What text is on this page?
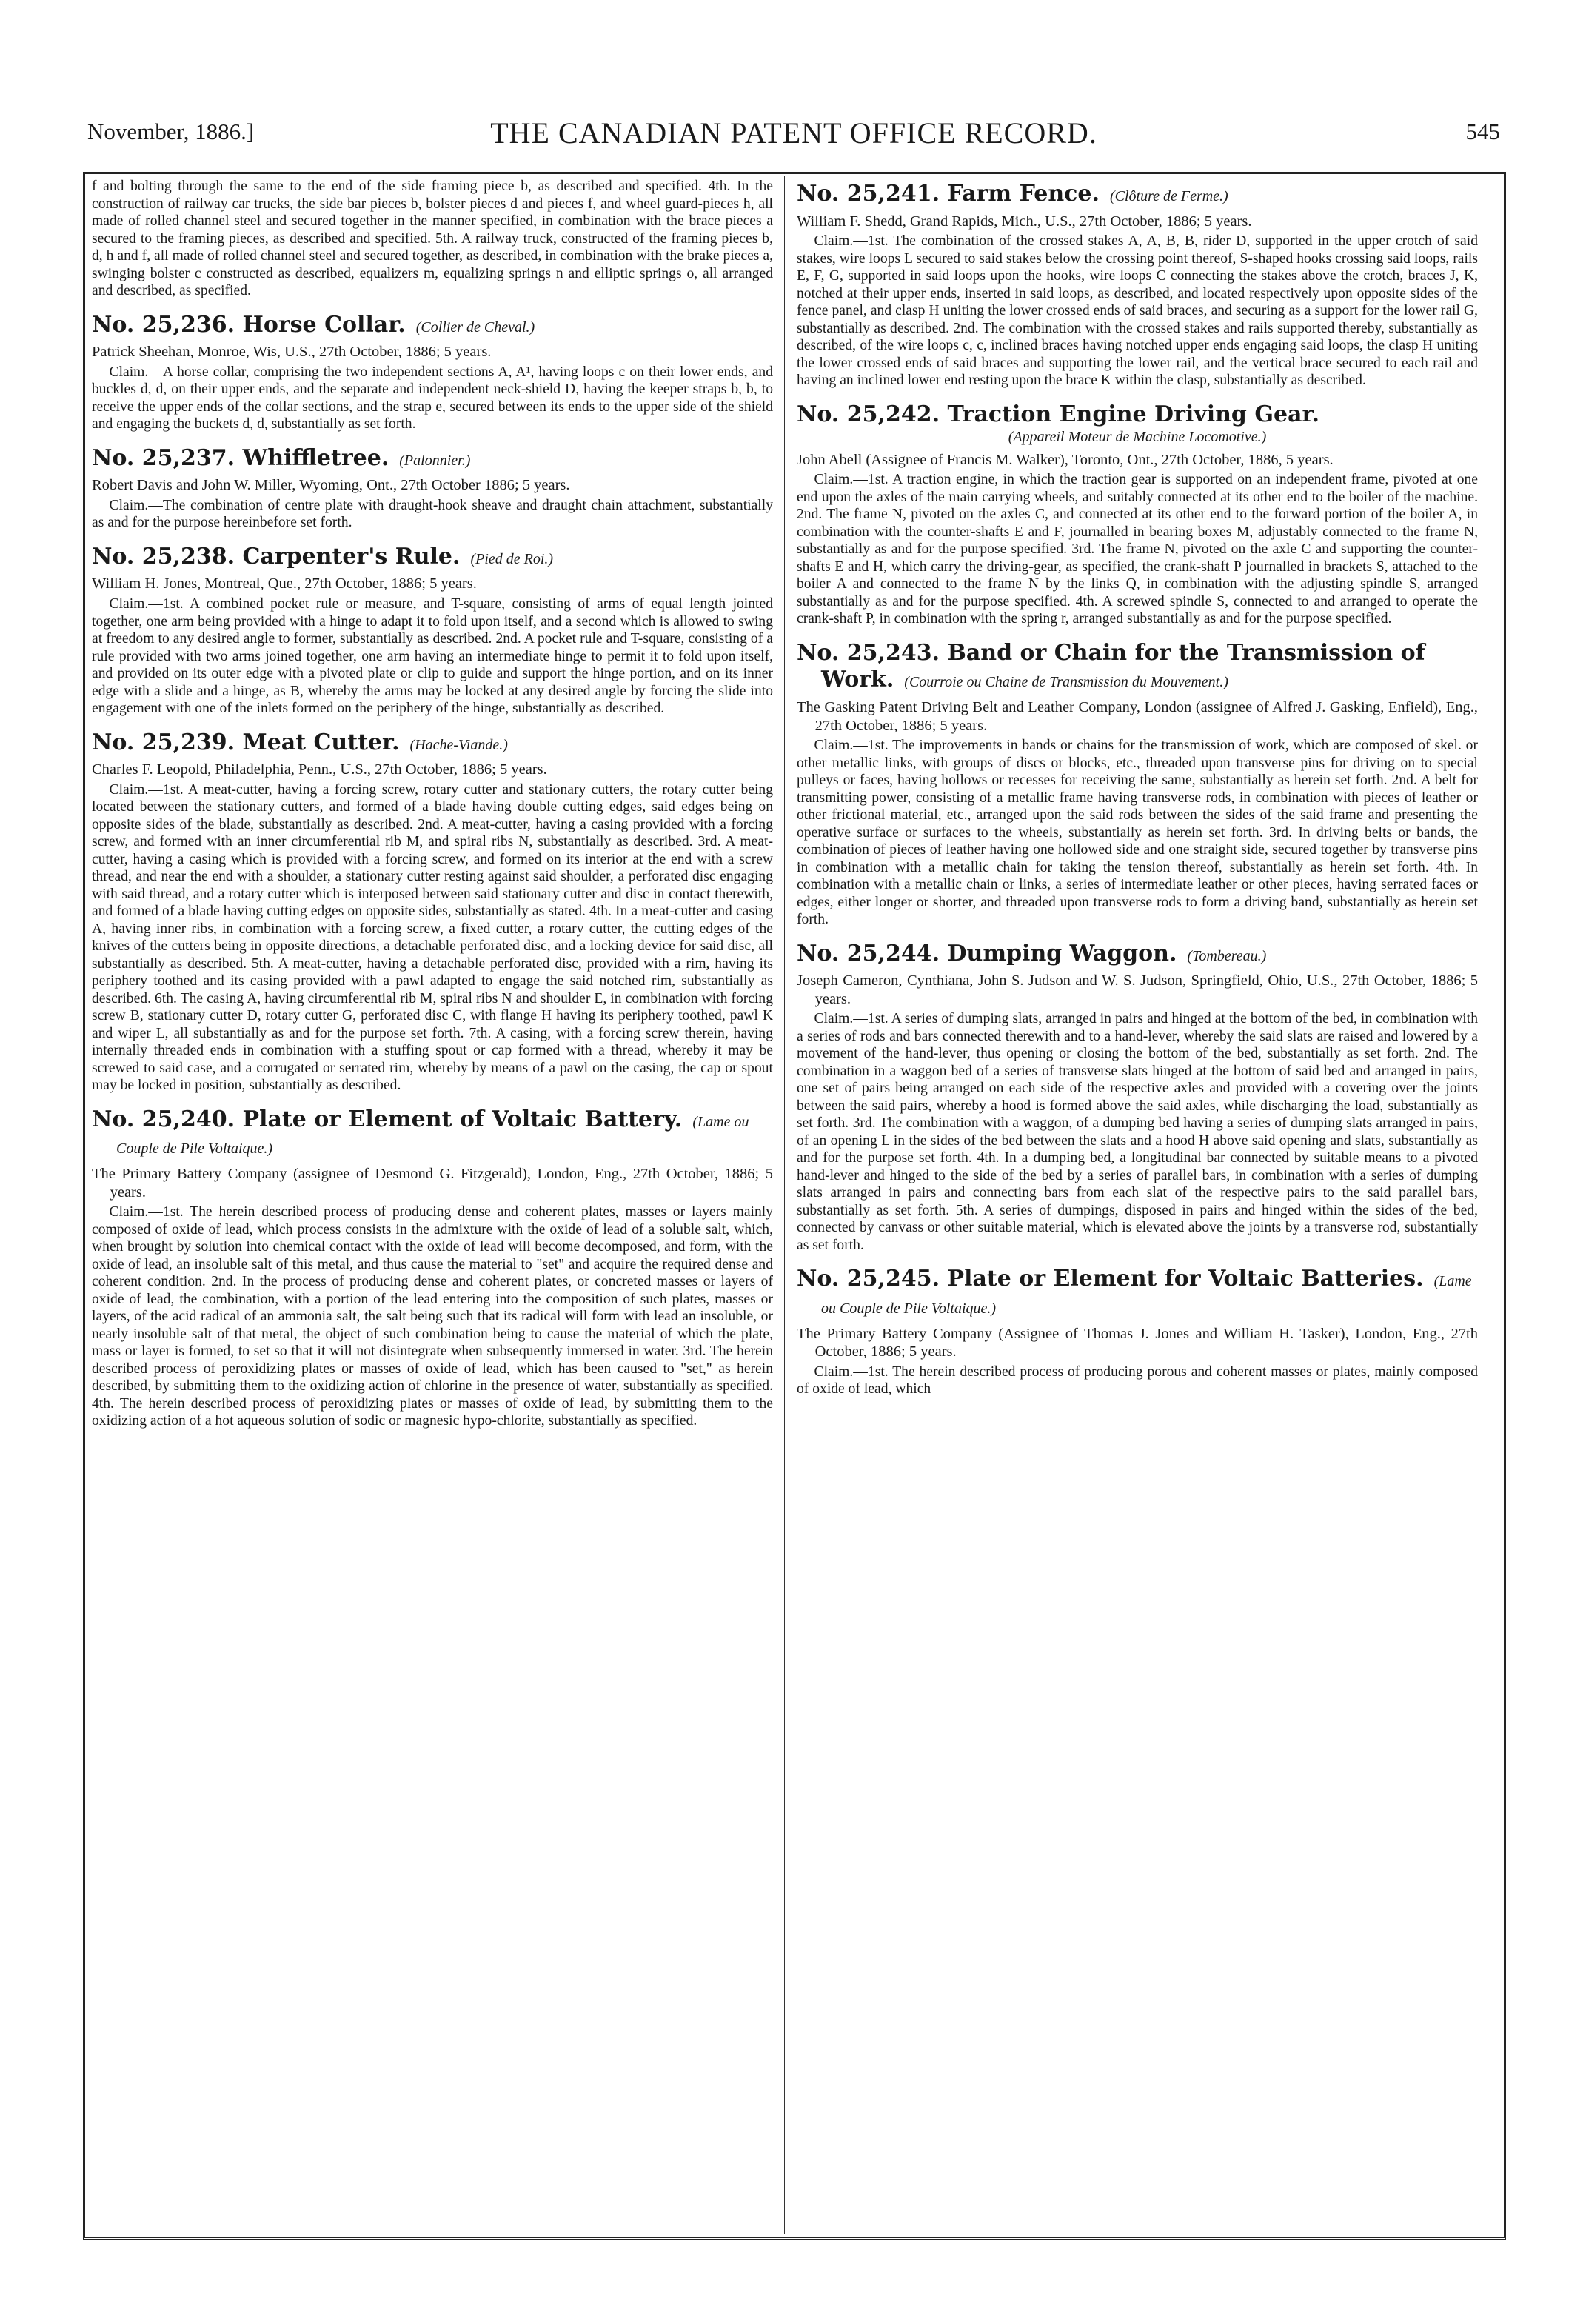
November, 1886.]	THE CANADIAN PATENT OFFICE RECORD.	545

f and bolting through the same to the end of the side framing piece b, as described and specified. 4th. In the construction of railway car trucks, the side bar pieces b, bolster pieces d and pieces f, and wheel guard-pieces h, all made of rolled channel steel and secured together in the manner specified, in combination with the brace pieces a secured to the framing pieces, as described and specified. 5th. A railway truck, constructed of the framing pieces b, d, h and f, all made of rolled channel steel and secured together, as described, in combination with the brake pieces a, swinging bolster c constructed as described, equalizers m, equalizing springs n and elliptic springs o, all arranged and described, as specified.

No. 25,236. Horse Collar. (Collier de Cheval.)

Patrick Sheehan, Monroe, Wis, U.S., 27th October, 1886; 5 years.

Claim.—A horse collar, comprising the two independent sections A, A¹, having loops c on their lower ends, and buckles d, d, on their upper ends, and the separate and independent neck-shield D, having the keeper straps b, b, to receive the upper ends of the collar sections, and the strap e, secured between its ends to the upper side of the shield and engaging the buckets d, d, substantially as set forth.

No. 25,237. Whiffletree. (Palonnier.)

Robert Davis and John W. Miller, Wyoming, Ont., 27th October 1886; 5 years.

Claim.—The combination of centre plate with draught-hook sheave and draught chain attachment, substantially as and for the purpose hereinbefore set forth.

No. 25,238. Carpenter's Rule. (Pied de Roi.)

William H. Jones, Montreal, Que., 27th October, 1886; 5 years.

Claim.—1st. A combined pocket rule or measure, and T-square, consisting of arms of equal length jointed together, one arm being provided with a hinge to adapt it to fold upon itself, and a second which is allowed to swing at freedom to any desired angle to former, substantially as described. 2nd. A pocket rule and T-square, consisting of a rule provided with two arms joined together, one arm having an intermediate hinge to permit it to fold upon itself, and provided on its outer edge with a pivoted plate or clip to guide and support the hinge portion, and on its inner edge with a slide and a hinge, as B, whereby the arms may be locked at any desired angle by forcing the slide into engagement with one of the inlets formed on the periphery of the hinge, substantially as described.

No. 25,239. Meat Cutter. (Hache-Viande.)

Charles F. Leopold, Philadelphia, Penn., U.S., 27th October, 1886; 5 years.

Claim.—1st. A meat-cutter, having a forcing screw, rotary cutter and stationary cutters, the rotary cutter being located between the stationary cutters, and formed of a blade having double cutting edges, said edges being on opposite sides of the blade, substantially as described. 2nd. A meat-cutter, having a casing provided with a forcing screw, and formed with an inner circumferential rib M, and spiral ribs N, substantially as described. 3rd. A meat-cutter, having a casing which is provided with a forcing screw, and formed on its interior at the end with a screw thread, and near the end with a shoulder, a stationary cutter resting against said shoulder, a perforated disc engaging with said thread, and a rotary cutter which is interposed between said stationary cutter and disc in contact therewith, and formed of a blade having cutting edges on opposite sides, substantially as stated. 4th. In a meat-cutter and casing A, having inner ribs, in combination with a forcing screw, a fixed cutter, a rotary cutter, the cutting edges of the knives of the cutters being in opposite directions, a detachable perforated disc, and a locking device for said disc, all substantially as described. 5th. A meat-cutter, having a detachable perforated disc, provided with a rim, having its periphery toothed and its casing provided with a pawl adapted to engage the said notched rim, substantially as described. 6th. The casing A, having circumferential rib M, spiral ribs N and shoulder E, in combination with forcing screw B, stationary cutter D, rotary cutter G, perforated disc C, with flange H having its periphery toothed, pawl K and wiper L, all substantially as and for the purpose set forth. 7th. A casing, with a forcing screw therein, having internally threaded ends in combination with a stuffing spout or cap formed with a thread, whereby it may be screwed to said case, and a corrugated or serrated rim, whereby by means of a pawl on the casing, the cap or spout may be locked in position, substantially as described.

No. 25,240. Plate or Element of Voltaic Battery. (Lame ou Couple de Pile Voltaique.)

The Primary Battery Company (assignee of Desmond G. Fitzgerald), London, Eng., 27th October, 1886; 5 years.

Claim.—1st. The herein described process of producing dense and coherent plates, masses or layers mainly composed of oxide of lead, which process consists in the admixture with the oxide of lead of a soluble salt, which, when brought by solution into chemical contact with the oxide of lead will become decomposed, and form, with the oxide of lead, an insoluble salt of this metal, and thus cause the material to "set" and acquire the required dense and coherent condition. 2nd. In the process of producing dense and coherent plates, or concreted masses or layers of oxide of lead, the combination, with a portion of the lead entering into the composition of such plates, masses or layers, of the acid radical of an ammonia salt, the salt being such that its radical will form with lead an insoluble, or nearly insoluble salt of that metal, the object of such combination being to cause the material of which the plate, mass or layer is formed, to set so that it will not disintegrate when subsequently immersed in water. 3rd. The herein described process of peroxidizing plates or masses of oxide of lead, which has been caused to "set," as herein described, by submitting them to the oxidizing action of chlorine in the presence of water, substantially as specified. 4th. The herein described process of peroxidizing plates or masses of oxide of lead, by submitting them to the oxidizing action of a hot aqueous solution of sodic or magnesic hypo-chlorite, substantially as specified.

No. 25,241. Farm Fence. (Clôture de Ferme.)

William F. Shedd, Grand Rapids, Mich., U.S., 27th October, 1886; 5 years.

Claim.—1st. The combination of the crossed stakes A, A, B, B, rider D, supported in the upper crotch of said stakes, wire loops L secured to said stakes below the crossing point thereof, S-shaped hooks crossing said loops, rails E, F, G, supported in said loops upon the hooks, wire loops C connecting the stakes above the crotch, braces J, K, notched at their upper ends, inserted in said loops, as described, and located respectively upon opposite sides of the fence panel, and clasp H uniting the lower crossed ends of said braces, and securing as a support for the lower rail G, substantially as described. 2nd. The combination with the crossed stakes and rails supported thereby, substantially as described, of the wire loops c, c, inclined braces having notched upper ends engaging said loops, the clasp H uniting the lower crossed ends of said braces and supporting the lower rail, and the vertical brace secured to each rail and having an inclined lower end resting upon the brace K within the clasp, substantially as described.

No. 25,242. Traction Engine Driving Gear.
(Appareil Moteur de Machine Locomotive.)

John Abell (Assignee of Francis M. Walker), Toronto, Ont., 27th October, 1886, 5 years.

Claim.—1st. A traction engine, in which the traction gear is supported on an independent frame, pivoted at one end upon the axles of the main carrying wheels, and suitably connected at its other end to the boiler of the machine. 2nd. The frame N, pivoted on the axles C, and connected at its other end to the forward portion of the boiler A, in combination with the counter-shafts E and F, journalled in bearing boxes M, adjustably connected to the frame N, substantially as and for the purpose specified. 3rd. The frame N, pivoted on the axle C and supporting the counter-shafts E and H, which carry the driving-gear, as specified, the crank-shaft P journalled in brackets S, attached to the boiler A and connected to the frame N by the links Q, in combination with the adjusting spindle S, arranged substantially as and for the purpose specified. 4th. A screwed spindle S, connected to and arranged to operate the crank-shaft P, in combination with the spring r, arranged substantially as and for the purpose specified.

No. 25,243. Band or Chain for the Transmission of Work. (Courroie ou Chaine de Transmission du Mouvement.)

The Gasking Patent Driving Belt and Leather Company, London (assignee of Alfred J. Gasking, Enfield), Eng., 27th October, 1886; 5 years.

Claim.—1st. The improvements in bands or chains for the transmission of work, which are composed of skel. or other metallic links, with groups of discs or blocks, etc., threaded upon transverse pins for driving on to special pulleys or faces, having hollows or recesses for receiving the same, substantially as herein set forth. 2nd. A belt for transmitting power, consisting of a metallic frame having transverse rods, in combination with pieces of leather or other frictional material, etc., arranged upon the said rods between the sides of the said frame and presenting the operative surface or surfaces to the wheels, substantially as herein set forth. 3rd. In driving belts or bands, the combination of pieces of leather having one hollowed side and one straight side, secured together by transverse pins in combination with a metallic chain for taking the tension thereof, substantially as herein set forth. 4th. In combination with a metallic chain or links, a series of intermediate leather or other pieces, having serrated faces or edges, either longer or shorter, and threaded upon transverse rods to form a driving band, substantially as herein set forth.

No. 25,244. Dumping Waggon. (Tombereau.)

Joseph Cameron, Cynthiana, John S. Judson and W. S. Judson, Springfield, Ohio, U.S., 27th October, 1886; 5 years.

Claim.—1st. A series of dumping slats, arranged in pairs and hinged at the bottom of the bed, in combination with a series of rods and bars connected therewith and to a hand-lever, whereby the said slats are raised and lowered by a movement of the hand-lever, thus opening or closing the bottom of the bed, substantially as set forth. 2nd. The combination in a waggon bed of a series of transverse slats hinged at the bottom of said bed and arranged in pairs, one set of pairs being arranged on each side of the respective axles and provided with a covering over the joints between the said pairs, whereby a hood is formed above the said axles, while discharging the load, substantially as set forth. 3rd. The combination with a waggon, of a dumping bed having a series of dumping slats arranged in pairs, of an opening L in the sides of the bed between the slats and a hood H above said opening and slats, substantially as and for the purpose set forth. 4th. In a dumping bed, a longitudinal bar connected by suitable means to a pivoted hand-lever and hinged to the side of the bed by a series of parallel bars, in combination with a series of dumping slats arranged in pairs and connecting bars from each slat of the respective pairs to the said parallel bars, substantially as set forth. 5th. A series of dumpings, disposed in pairs and hinged within the sides of the bed, connected by canvass or other suitable material, which is elevated above the joints by a transverse rod, substantially as set forth.

No. 25,245. Plate or Element for Voltaic Batteries. (Lame ou Couple de Pile Voltaique.)

The Primary Battery Company (Assignee of Thomas J. Jones and William H. Tasker), London, Eng., 27th October, 1886; 5 years.

Claim.—1st. The herein described process of producing porous and coherent masses or plates, mainly composed of oxide of lead, which
